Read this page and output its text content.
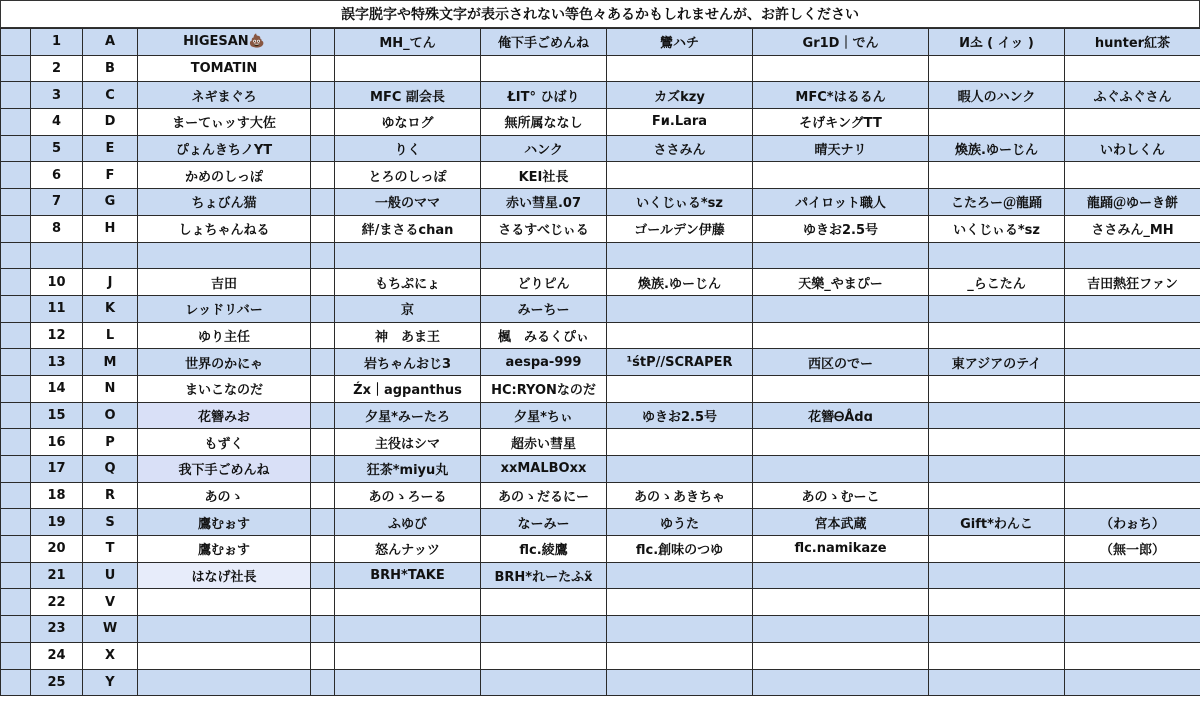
誤字脱字や特殊文字が表示されない等色々あるかもしれませんが、お許しください
	1	A	HIGESAN💩		MH_てん	俺下手ごめんね	鸞ハチ	Gr1D｜でん	И소 ( イッ )	hunter紅茶
	2	B	TOMATIN							
	3	C	ネギまぐろ		MFC 副会長	ŁIT° ひばり	カズkzy	MFC*はるるん	暇人のハンク	ふぐふぐさん
	4	D	まーてぃッす大佐		ゆなログ	無所属ななし	Fи.Lara	そげキングTT		
	5	E	ぴょんきちノYT		りく	ハンク	ささみん	晴天ナリ	煥族.ゆーじん	いわしくん
	6	F	かめのしっぽ		とろのしっぽ	KEI社長				
	7	G	ちょびん猫		一般のママ	赤い彗星.07	いくじぃる*sz	パイロット職人	こたろー＠龍踊	龍踊＠ゆーき餅
	8	H	しょちゃんねる		絆/まさるchan	さるすべじぃる	ゴールデン伊藤	ゆきお2.5号	いくじぃる*sz	ささみん_MH

	10	J	吉田		もちぷにょ	どりピん	煥族.ゆーじん	天樂_やまぴー	_らこたん	吉田熱狂ファン
	11	K	レッドリバー		京	みーちー				
	12	L	ゆり主任		神　あま王	楓　みるくぴぃ				
	13	M	世界のかにゃ		岩ちゃんおじ3	aespa-999	¹śtP//SCRAPER	西区のでー	東アジアのテイ	
	14	N	まいこなのだ		Źx｜agpanthus	HC:RYONなのだ				
	15	O	花簪みお		夕星*みーたろ	夕星*ちぃ	ゆきお2.5号	花簪ᎾÅdɑ		
	16	P	もずく		主役はシマ	超赤い彗星				
	17	Q	我下手ごめんね		狂茶*miyu丸	xxMALBOxx				
	18	R	あのゝ		あのゝろーる	あのゝだるにー	あのゝあきちゃ	あのゝむーこ		
	19	S	鷹むぉす		ふゆび	なーみー	ゆうた	宮本武蔵	Gift*わんこ	（わぉち）
	20	T	鷹むぉす		怒んナッツ	flc.綾鷹	flc.創味のつゆ	flc.namikaze		（無一郎）
	21	U	はなげ社長		BRH*TAKE	BRH*れーたふx̃				
	22	V								
	23	W								
	24	X								
	25	Y								
